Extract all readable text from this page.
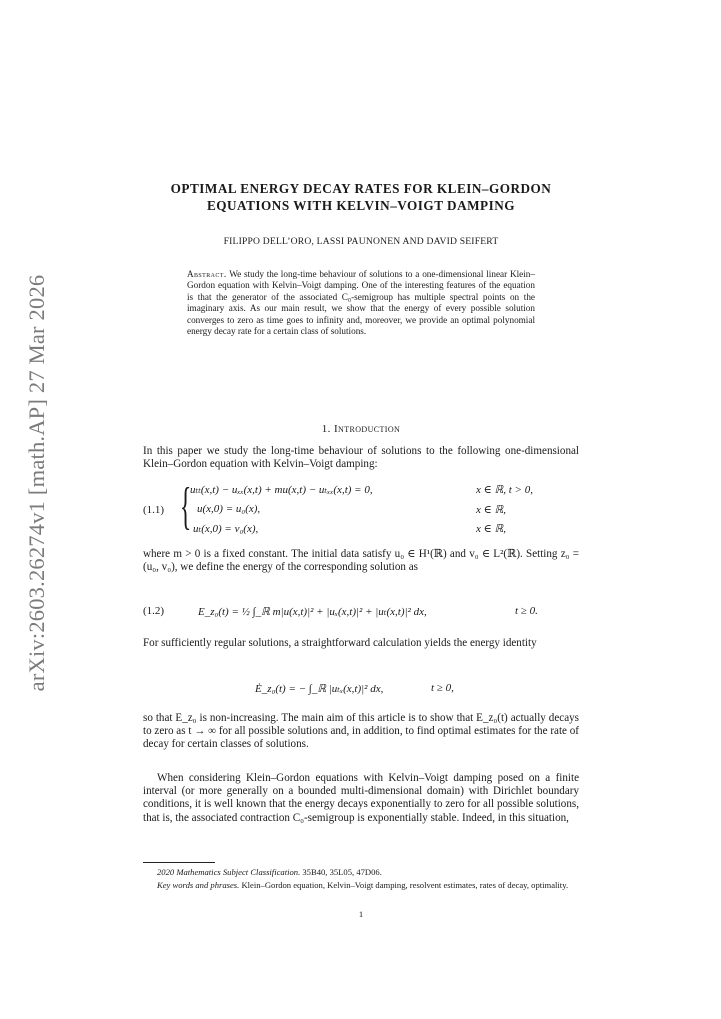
arXiv:2603.26274v1 [math.AP] 27 Mar 2026
OPTIMAL ENERGY DECAY RATES FOR KLEIN–GORDON
EQUATIONS WITH KELVIN–VOIGT DAMPING
FILIPPO DELL’ORO, LASSI PAUNONEN AND DAVID SEIFERT
Abstract. We study the long-time behaviour of solutions to a one-dimensional linear Klein–Gordon equation with Kelvin–Voigt damping. One of the interesting features of the equation is that the generator of the associated C₀-semigroup has multiple spectral points on the imaginary axis. As our main result, we show that the energy of every possible solution converges to zero as time goes to infinity and, moreover, we provide an optimal polynomial energy decay rate for a certain class of solutions.
1. Introduction
In this paper we study the long-time behaviour of solutions to the following one-dimensional Klein–Gordon equation with Kelvin–Voigt damping:
(1.1) {
uₜₜ(x,t) − uₓₓ(x,t) + mu(x,t) − uₜₓₓ(x,t) = 0,	x ∈ ℝ, t > 0,
u(x,0) = u₀(x),	x ∈ ℝ,
uₜ(x,0) = v₀(x),	x ∈ ℝ,
where m > 0 is a fixed constant. The initial data satisfy u₀ ∈ H¹(ℝ) and v₀ ∈ L²(ℝ). Setting z₀ = (u₀, v₀), we define the energy of the corresponding solution as
(1.2)	E_z₀(t) = ½ ∫_ℝ m|u(x,t)|² + |uₓ(x,t)|² + |uₜ(x,t)|² dx,	t ≥ 0.
For sufficiently regular solutions, a straightforward calculation yields the energy identity
Ė_z₀(t) = − ∫_ℝ |uₜₓ(x,t)|² dx,	t ≥ 0,
so that E_z₀ is non-increasing. The main aim of this article is to show that E_z₀(t) actually decays to zero as t → ∞ for all possible solutions and, in addition, to find optimal estimates for the rate of decay for certain classes of solutions.
When considering Klein–Gordon equations with Kelvin–Voigt damping posed on a finite interval (or more generally on a bounded multi-dimensional domain) with Dirichlet boundary conditions, it is well known that the energy decays exponentially to zero for all possible solutions, that is, the associated contraction C₀-semigroup is exponentially stable. Indeed, in this situation,
2020 Mathematics Subject Classification. 35B40, 35L05, 47D06.
Key words and phrases. Klein–Gordon equation, Kelvin–Voigt damping, resolvent estimates, rates of decay, optimality.
1
